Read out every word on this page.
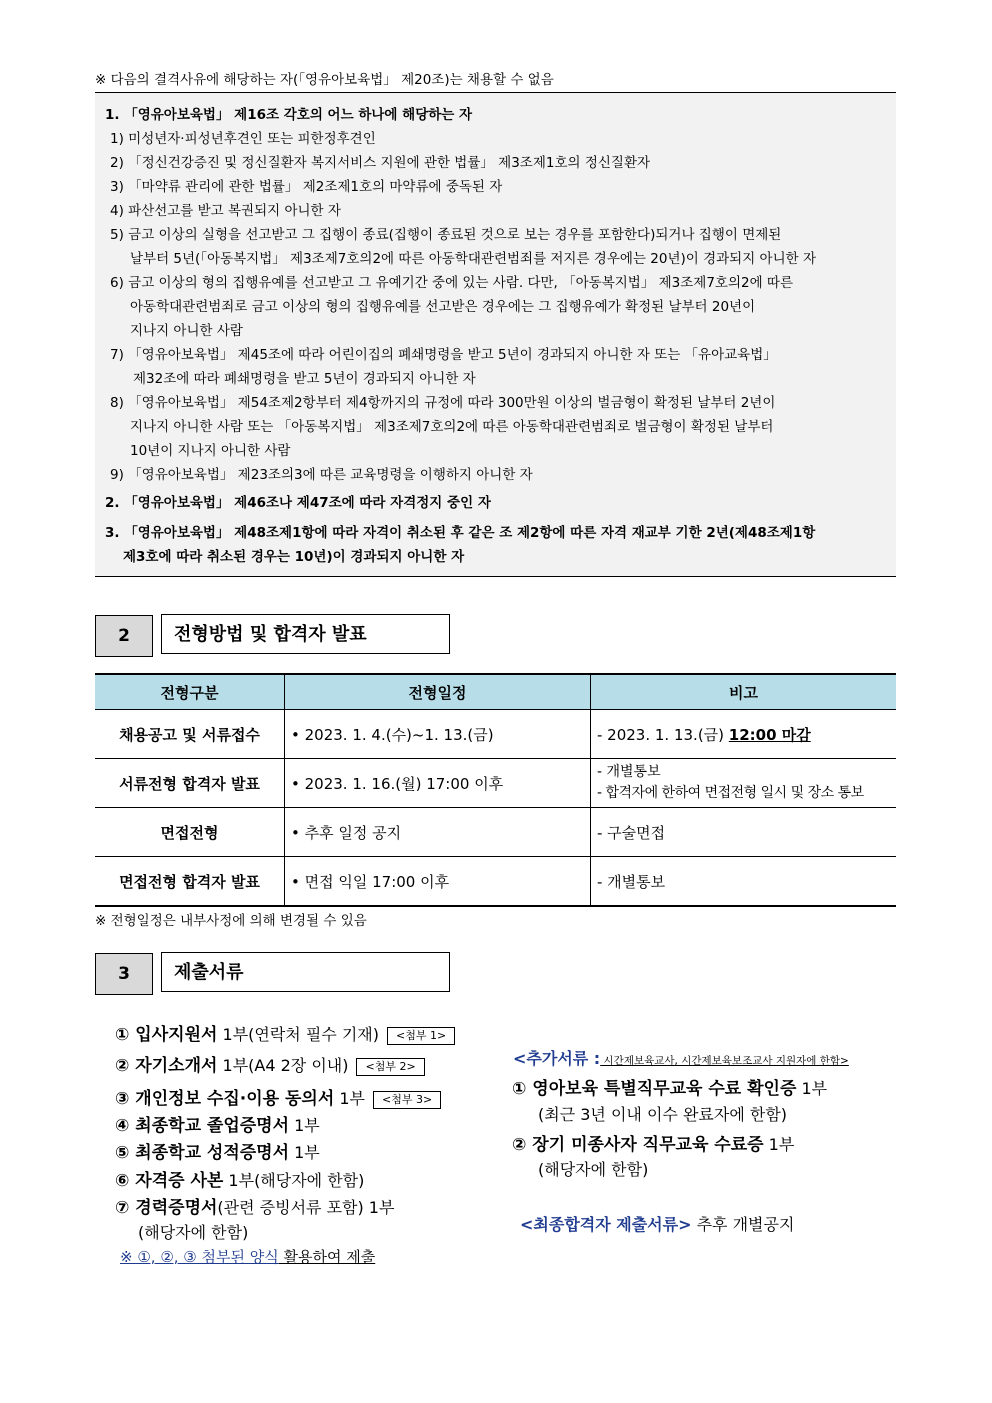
※ 다음의 결격사유에 해당하는 자(「영유아보육법」 제20조)는 채용할 수 없음
1. 「영유아보육법」 제16조 각호의 어느 하나에 해당하는 자
1) 미성년자·피성년후견인 또는 피한정후견인
2) 「정신건강증진 및 정신질환자 복지서비스 지원에 관한 법률」 제3조제1호의 정신질환자
3) 「마약류 관리에 관한 법률」 제2조제1호의 마약류에 중독된 자
4) 파산선고를 받고 복권되지 아니한 자
5) 금고 이상의 실형을 선고받고 그 집행이 종료(집행이 종료된 것으로 보는 경우를 포함한다)되거나 집행이 면제된
날부터 5년(「아동복지법」 제3조제7호의2에 따른 아동학대관련범죄를 저지른 경우에는 20년)이 경과되지 아니한 자
6) 금고 이상의 형의 집행유예를 선고받고 그 유예기간 중에 있는 사람. 다만, 「아동복지법」 제3조제7호의2에 따른
아동학대관련범죄로 금고 이상의 형의 집행유예를 선고받은 경우에는 그 집행유예가 확정된 날부터 20년이
지나지 아니한 사람
7) 「영유아보육법」 제45조에 따라 어린이집의 폐쇄명령을 받고 5년이 경과되지 아니한 자 또는 「유아교육법」
제32조에 따라 폐쇄명령을 받고 5년이 경과되지 아니한 자
8) 「영유아보육법」 제54조제2항부터 제4항까지의 규정에 따라 300만원 이상의 벌금형이 확정된 날부터 2년이
지나지 아니한 사람 또는 「아동복지법」 제3조제7호의2에 따른 아동학대관련범죄로 벌금형이 확정된 날부터
10년이 지나지 아니한 사람
9) 「영유아보육법」 제23조의3에 따른 교육명령을 이행하지 아니한 자
2. 「영유아보육법」 제46조나 제47조에 따라 자격정지 중인 자
3. 「영유아보육법」 제48조제1항에 따라 자격이 취소된 후 같은 조 제2항에 따른 자격 재교부 기한 2년(제48조제1항
제3호에 따라 취소된 경우는 10년)이 경과되지 아니한 자
2	전형방법 및 합격자 발표
전형구분	전형일정	비고
채용공고 및 서류접수	• 2023. 1. 4.(수)~1. 13.(금)	- 2023. 1. 13.(금) 12:00 마감
서류전형 합격자 발표	• 2023. 1. 16.(월) 17:00 이후	- 개별통보
- 합격자에 한하여 면접전형 일시 및 장소 통보

면접전형	• 추후 일정 공지	- 구술면접
면접전형 합격자 발표	• 면접 익일 17:00 이후	- 개별통보
※ 전형일정은 내부사정에 의해 변경될 수 있음
3	제출서류
① 입사지원서 1부(연락처 필수 기재) <첨부 1>
② 자기소개서 1부(A4 2장 이내) <첨부 2>
③ 개인정보 수집·이용 동의서 1부 <첨부 3>
④ 최종학교 졸업증명서 1부
⑤ 최종학교 성적증명서 1부
⑥ 자격증 사본 1부(해당자에 한함)
⑦ 경력증명서(관련 증빙서류 포함) 1부
(해당자에 한함)
※ ①, ②, ③ 첨부된 양식 활용하여 제출
<추가서류 : 시간제보육교사, 시간제보육보조교사 지원자에 한함>
① 영아보육 특별직무교육 수료 확인증 1부
(최근 3년 이내 이수 완료자에 한함)
② 장기 미종사자 직무교육 수료증 1부
(해당자에 한함)
<최종합격자 제출서류> 추후 개별공지
